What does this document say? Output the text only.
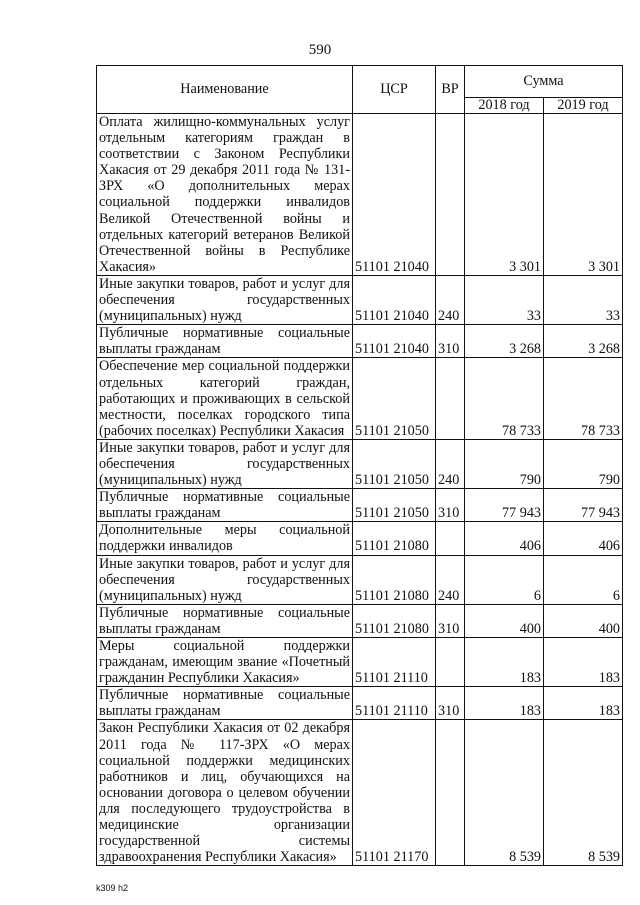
590
Наименование	ЦСР	ВР	Сумма	
			2018 год	2019 год
Оплата жилищно-коммунальных услуг отдельным категориям граждан в соответствии с Законом Республики Хакасия от 29 декабря 2011 года № 131-ЗРХ «О дополнительных мерах социальной поддержки инвалидов Великой Отечественной войны и отдельных категорий ветеранов Великой Отечественной войны в Республике Хакасия»	51101 21040		3 301	3 301
Иные закупки товаров, работ и услуг для обеспечения государственных (муниципальных) нужд	51101 21040	240	33	33
Публичные нормативные социальные выплаты гражданам	51101 21040	310	3 268	3 268
Обеспечение мер социальной поддержки отдельных категорий граждан, работающих и проживающих в сельской местности, поселках городского типа (рабочих поселках) Республики Хакасия	51101 21050		78 733	78 733
Иные закупки товаров, работ и услуг для обеспечения государственных (муниципальных) нужд	51101 21050	240	790	790
Публичные нормативные социальные выплаты гражданам	51101 21050	310	77 943	77 943
Дополнительные меры социальной поддержки инвалидов	51101 21080		406	406
Иные закупки товаров, работ и услуг для обеспечения государственных (муниципальных) нужд	51101 21080	240	6	6
Публичные нормативные социальные выплаты гражданам	51101 21080	310	400	400
Меры социальной поддержки гражданам, имеющим звание «Почетный гражданин Республики Хакасия»	51101 21110		183	183
Публичные нормативные социальные выплаты гражданам	51101 21110	310	183	183
Закон Республики Хакасия от 02 декабря 2011 года № 117-ЗРХ «О мерах социальной поддержки медицинских работников и лиц, обучающихся на основании договора о целевом обучении для последующего трудоустройства в медицинские организации государственной системы здравоохранения Республики Хакасия»	51101 21170		8 539	8 539
k309 h2
